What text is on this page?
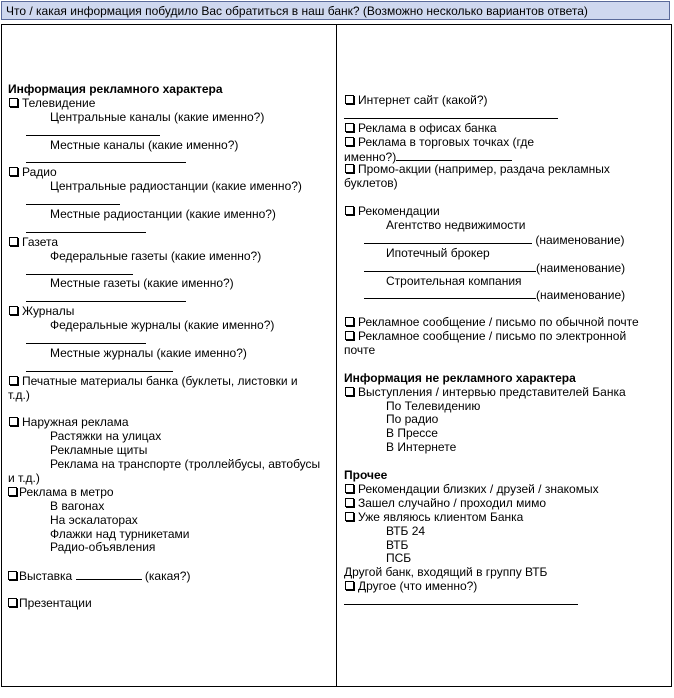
Что / какая информация побудило Вас обратиться в наш банк? (Возможно несколько вариантов ответа)
Информация рекламного характера
Телевидение
Центральные каналы (какие именно?)
Местные каналы (какие именно?)
Радио
Центральные радиостанции (какие именно?)
Местные радиостанции (какие именно?)
Газета
Федеральные газеты (какие именно?)
Местные газеты (какие именно?)
Журналы
Федеральные журналы (какие именно?)
Местные журналы (какие именно?)
Печатные материалы банка (буклеты, листовки и
т.д.)
Наружная реклама
Растяжки на улицах
Рекламные щиты
Реклама на транспорте (троллейбусы, автобусы
и т.д.)
Реклама в метро
В вагонах
На эскалаторах
Флажки над турникетами
Радио-объявления
Выставка	(какая?)
Презентации
Интернет сайт (какой?)
Реклама в офисах банка
Реклама в торговых точках (где
именно?)
Промо-акции (например, раздача рекламных
буклетов)
Рекомендации
Агентство недвижимости
(наименование)
Ипотечный брокер
(наименование)
Строительная компания
(наименование)
Рекламное сообщение / письмо по обычной почте
Рекламное сообщение / письмо по электронной
почте
Информация не рекламного характера
Выступления / интервью представителей Банка
По Телевидению
По радио
В Прессе
В Интернете
Прочее
Рекомендации близких / друзей / знакомых
Зашел случайно / проходил мимо
Уже являюсь клиентом Банка
ВТБ 24
ВТБ
ПСБ
Другой банк, входящий в группу ВТБ
Другое (что именно?)
